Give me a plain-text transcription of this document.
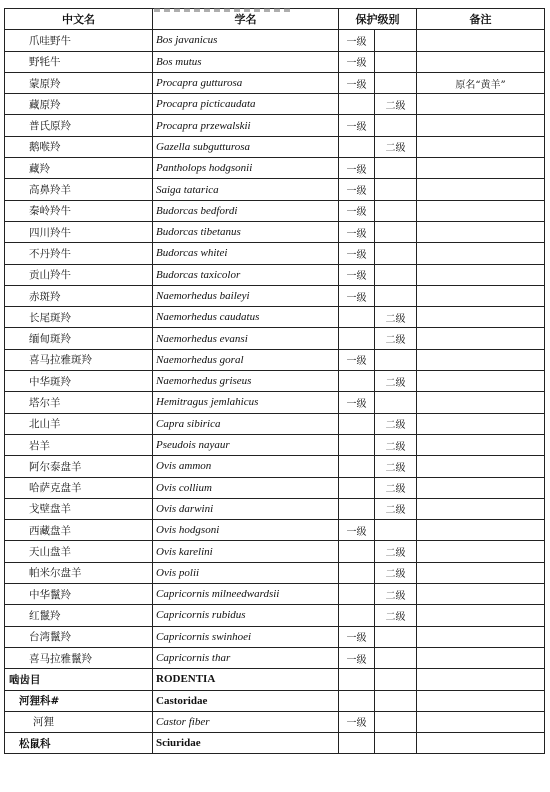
中文名	学名	保护级别		备注
爪哇野牛	Bos javanicus	一级		
野牦牛	Bos mutus	一级		
蒙原羚	Procapra gutturosa	一级		原名“黄羊”
藏原羚	Procapra picticaudata		二级	
普氏原羚	Procapra przewalskii	一级		
鹅喉羚	Gazella subgutturosa		二级	
藏羚	Pantholops hodgsonii	一级		
高鼻羚羊	Saiga tatarica	一级		
秦岭羚牛	Budorcas bedfordi	一级		
四川羚牛	Budorcas tibetanus	一级		
不丹羚牛	Budorcas whitei	一级		
贡山羚牛	Budorcas taxicolor	一级		
赤斑羚	Naemorhedus baileyi	一级		
长尾斑羚	Naemorhedus caudatus		二级	
缅甸斑羚	Naemorhedus evansi		二级	
喜马拉雅斑羚	Naemorhedus goral	一级		
中华斑羚	Naemorhedus griseus		二级	
塔尔羊	Hemitragus jemlahicus	一级		
北山羊	Capra sibirica		二级	
岩羊	Pseudois nayaur		二级	
阿尔泰盘羊	Ovis ammon		二级	
哈萨克盘羊	Ovis collium		二级	
戈壁盘羊	Ovis darwini		二级	
西藏盘羊	Ovis hodgsoni	一级		
天山盘羊	Ovis karelini		二级	
帕米尔盘羊	Ovis polii		二级	
中华鬣羚	Capricornis milneedwardsii		二级	
红鬣羚	Capricornis rubidus		二级	
台湾鬣羚	Capricornis swinhoei	一级		
喜马拉雅鬣羚	Capricornis thar	一级		
啮齿目	RODENTIA			
河狸科#	Castoridae			
河狸	Castor fiber	一级		
松鼠科	Sciuridae			
